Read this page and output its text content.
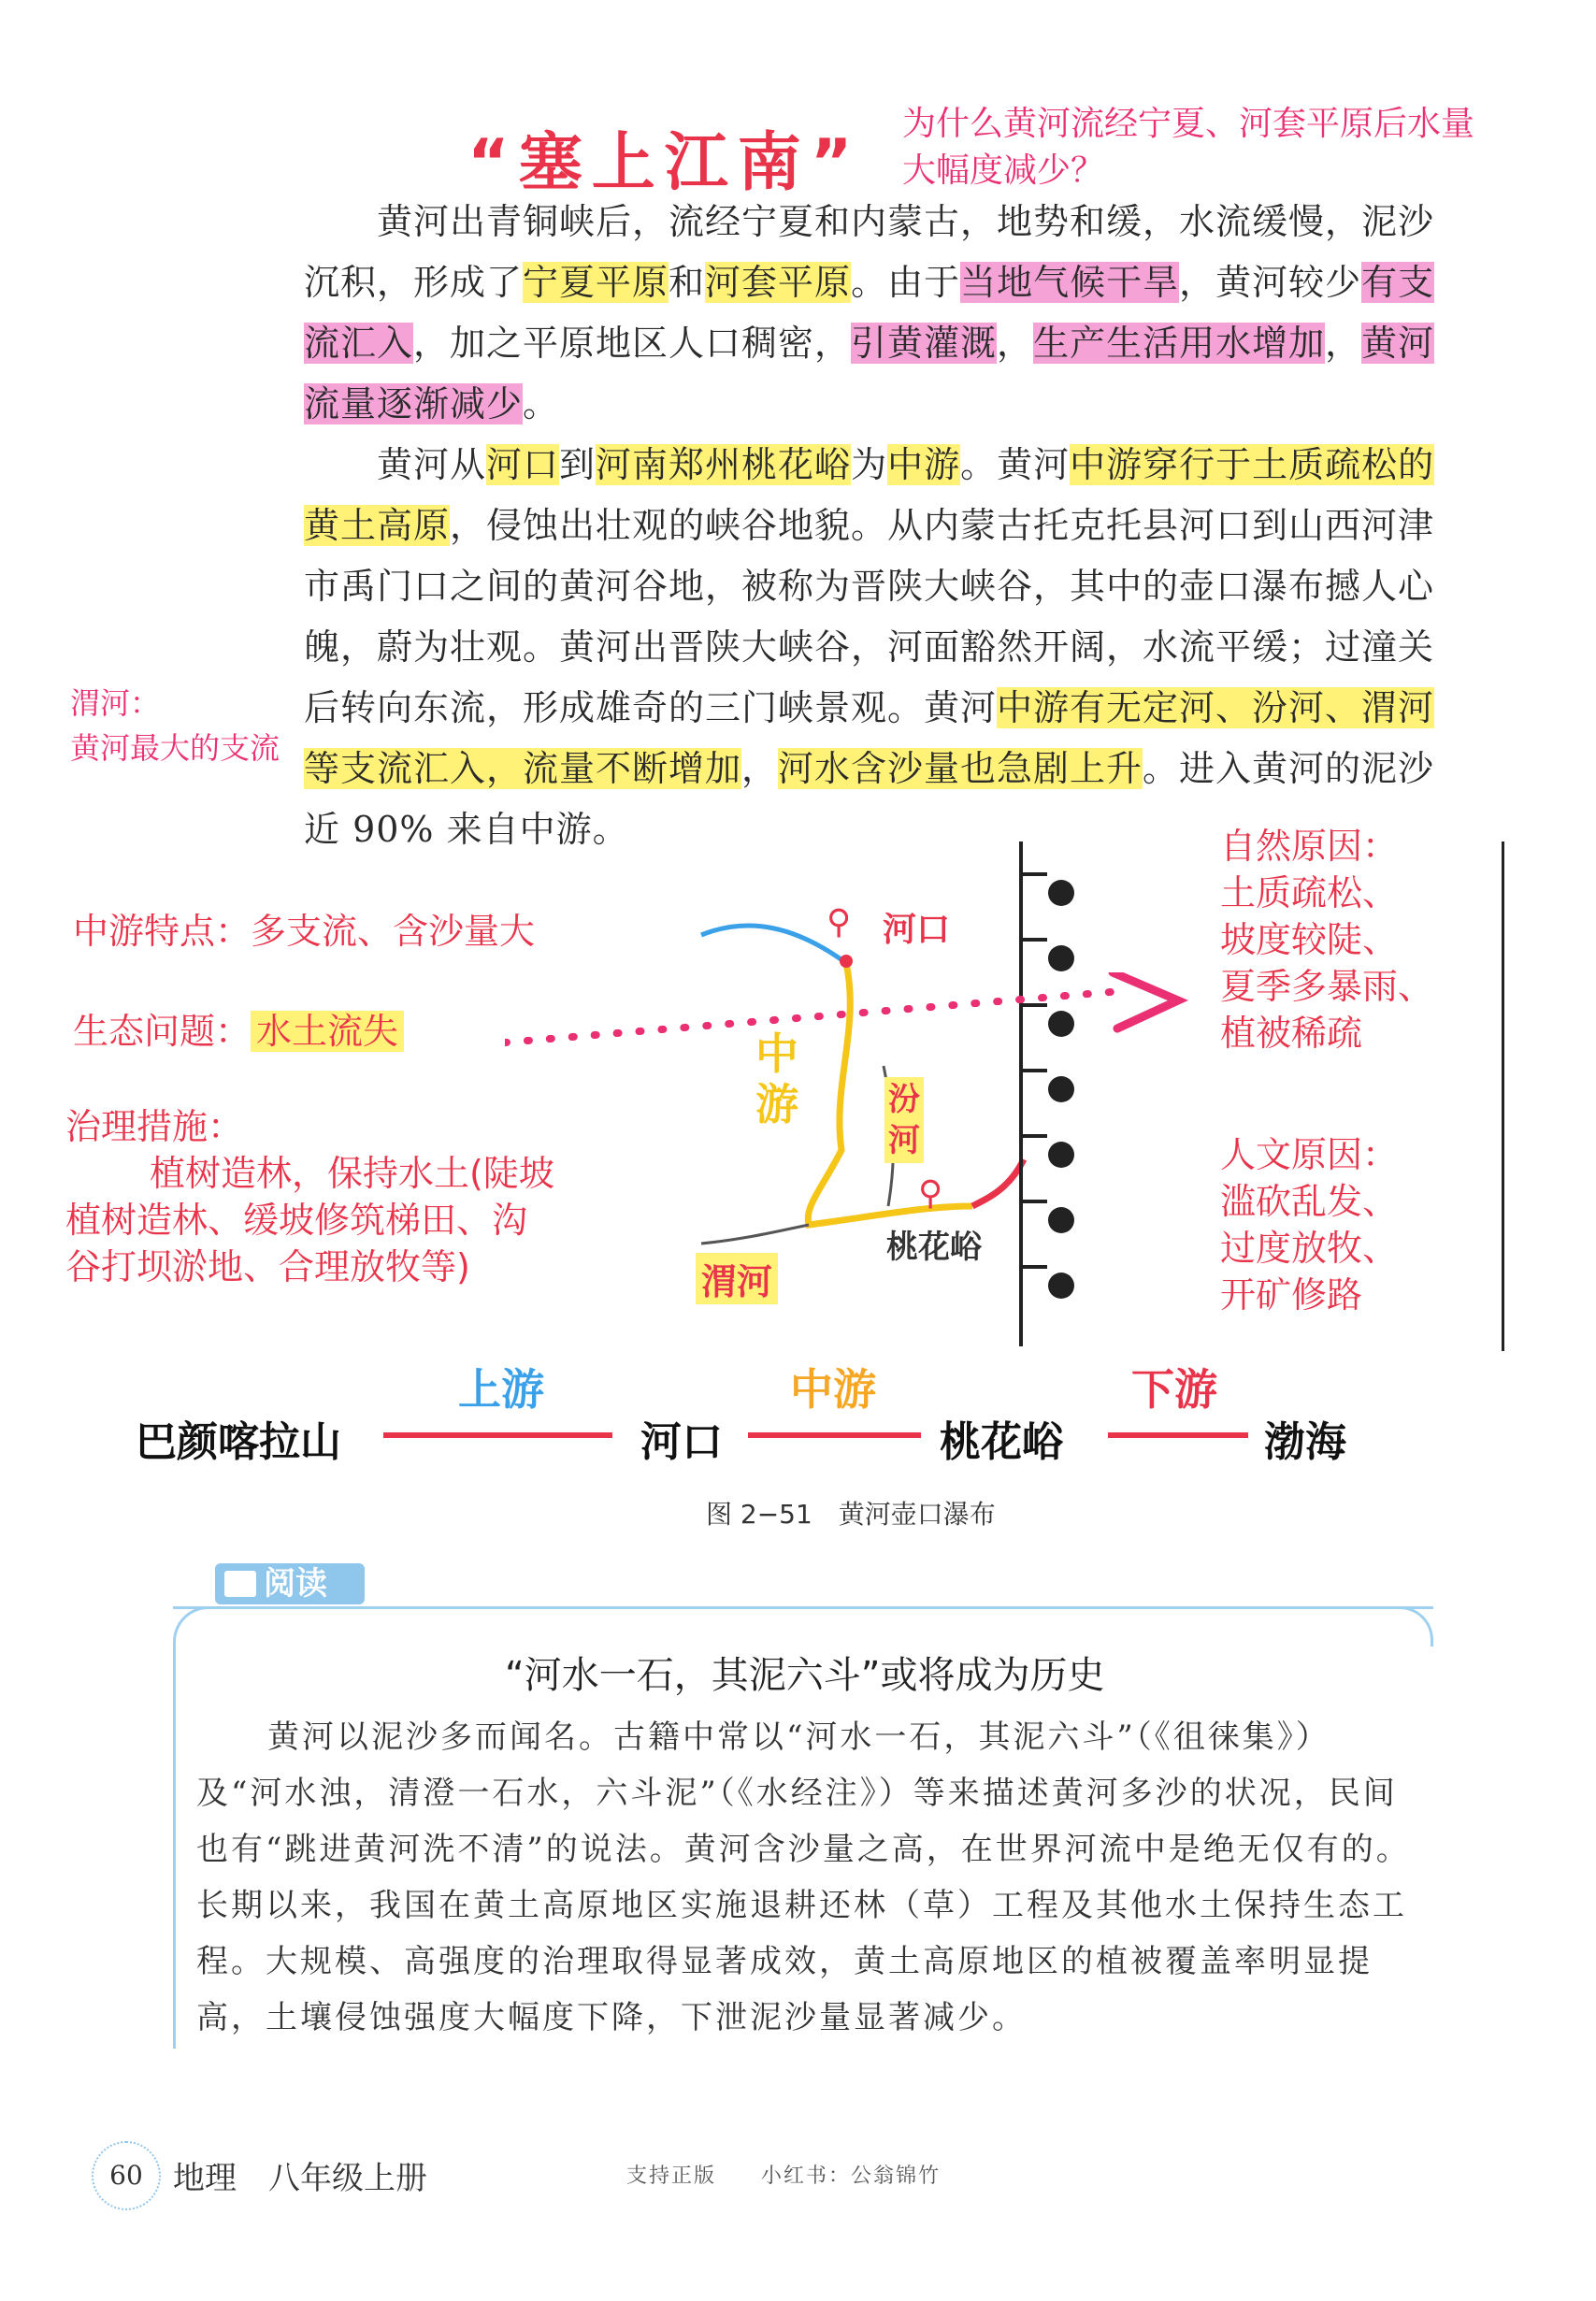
“塞上江南”
为什么黄河流经宁夏、河套平原后水量大幅度减少？

黄河出青铜峡后，流经宁夏和内蒙古，地势和缓，水流缓慢，泥沙沉积，形成了宁夏平原和河套平原。由于当地气候干旱，黄河较少有支流汇入，加之平原地区人口稠密，引黄灌溉，生产生活用水增加，黄河流量逐渐减少。

黄河从河口到河南郑州桃花峪为中游。黄河中游穿行于土质疏松的黄土高原，侵蚀出壮观的峡谷地貌。从内蒙古托克托县河口到山西河津市禹门口之间的黄河谷地，被称为晋陕大峡谷，其中的壶口瀑布撼人心魄，蔚为壮观。黄河出晋陕大峡谷，河面豁然开阔，水流平缓；过潼关后转向东流，形成雄奇的三门峡景观。黄河中游有无定河、汾河、渭河等支流汇入，流量不断增加，河水含沙量也急剧上升。进入黄河的泥沙近 90% 来自中游。

渭河：
黄河最大的支流
中游特点：多支流、含沙量大
生态问题： 水土流失
治理措施：
植树造林，保持水土(陡坡
植树造林、缓坡修筑梯田、沟
谷打坝淤地、合理放牧等)
⚲ 河口
⚲
桃花峪
中
游	汾
河
渭河
自然原因：
土质疏松、
坡度较陡、
夏季多暴雨、
植被稀疏
人文原因：
滥砍乱发、
过度放牧、
开矿修路
巴颜喀拉山
上游
河口
中游
桃花峪
下游
渤海
图 2−51　黄河壶口瀑布
阅读
“河水一石，其泥六斗”或将成为历史

黄河以泥沙多而闻名。古籍中常以“河水一石，其泥六斗”（《徂徕集》）及“河水浊，清澄一石水，六斗泥”（《水经注》）等来描述黄河多沙的状况，民间也有“跳进黄河洗不清”的说法。黄河含沙量之高，在世界河流中是绝无仅有的。长期以来，我国在黄土高原地区实施退耕还林（草）工程及其他水土保持生态工程。大规模、高强度的治理取得显著成效，黄土高原地区的植被覆盖率明显提高，土壤侵蚀强度大幅度下降，下泄泥沙量显著减少。

60 地理　八年级上册	支持正版　　小红书：公翁锦竹
